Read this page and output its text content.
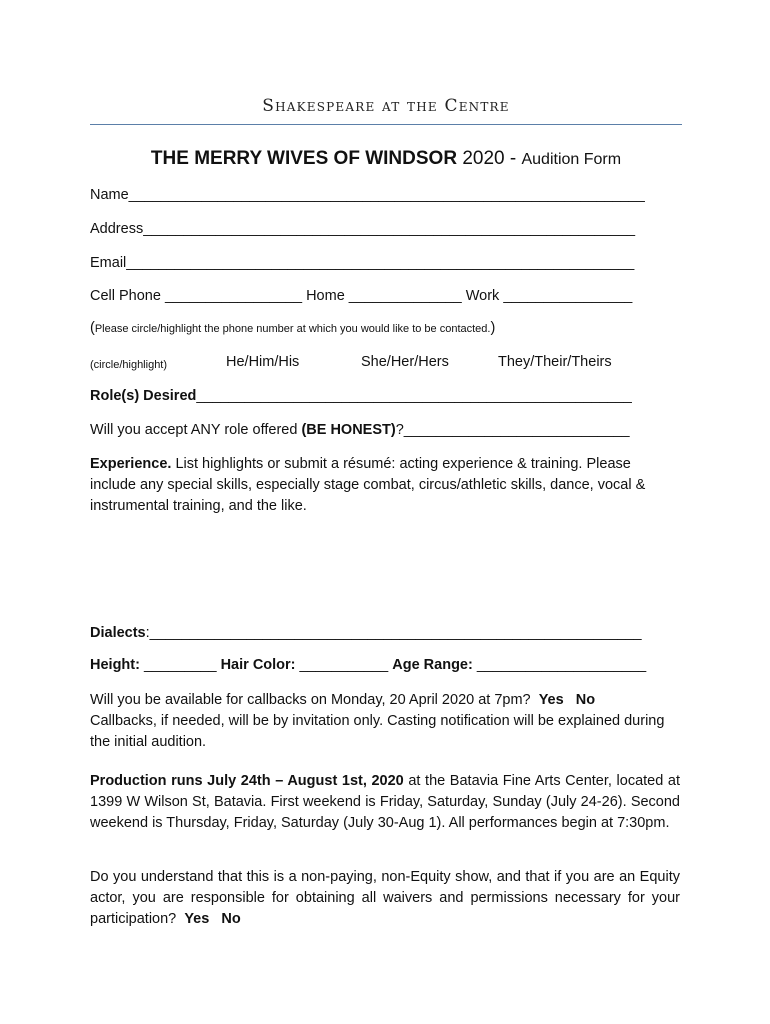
Shakespeare at the Centre
THE MERRY WIVES OF WINDSOR 2020 - Audition Form
Name________________________________________________________________
Address_____________________________________________________________
Email_______________________________________________________________
Cell Phone _________________ Home ______________ Work ________________
(Please circle/highlight the phone number at which you would like to be contacted.)
(circle/highlight)	He/Him/His	She/Her/Hers	They/Their/Theirs
Role(s) Desired______________________________________________________
Will you accept ANY role offered (BE HONEST)?____________________________
Experience. List highlights or submit a résumé: acting experience & training. Please include any special skills, especially stage combat, circus/athletic skills, dance, vocal & instrumental training, and the like.
Dialects:_____________________________________________________________
Height: _________ Hair Color: ___________ Age Range: _____________________
Will you be available for callbacks on Monday, 20 April 2020 at 7pm? Yes No
Callbacks, if needed, will be by invitation only. Casting notification will be explained during the initial audition.
Production runs July 24th – August 1st, 2020 at the Batavia Fine Arts Center, located at 1399 W Wilson St, Batavia. First weekend is Friday, Saturday, Sunday (July 24-26). Second weekend is Thursday, Friday, Saturday (July 30-Aug 1). All performances begin at 7:30pm.
Do you understand that this is a non-paying, non-Equity show, and that if you are an Equity actor, you are responsible for obtaining all waivers and permissions necessary for your participation? Yes No
